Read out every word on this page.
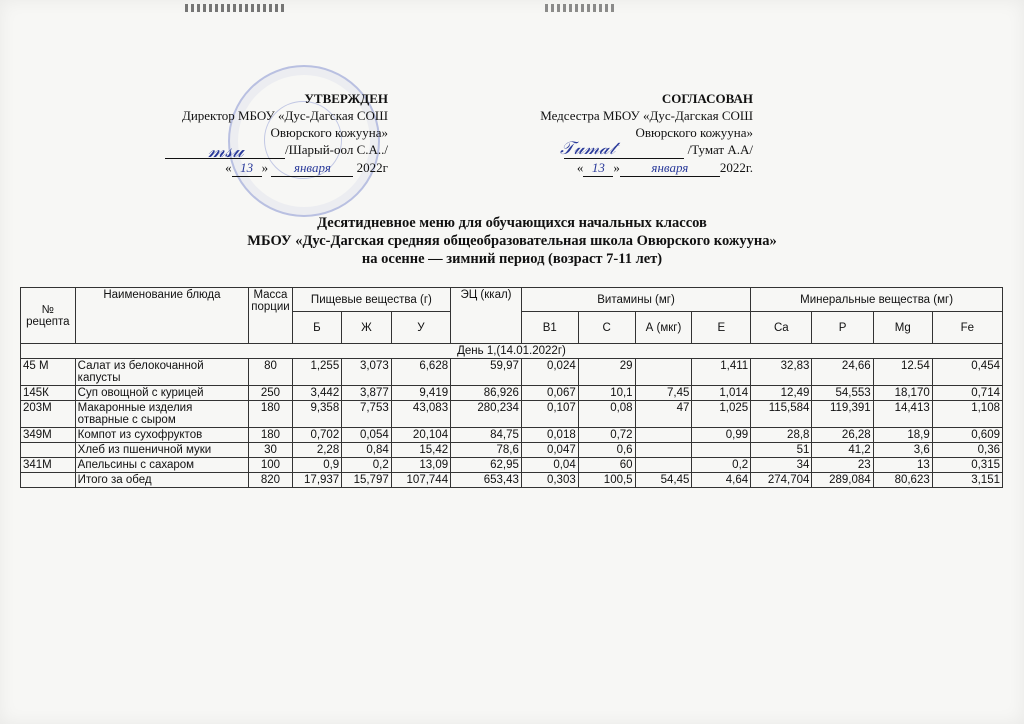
УТВЕРЖДЕН
Директор МБОУ «Дус-Дагская СОШ
Овюрского кожууна»
/Шарый-оол С.А../
« 13 » января 2022г
𝓂𝓈𝓊
СОГЛАСОВАН
Медсестра МБОУ «Дус-Дагская СОШ
Овюрского кожууна»
/Тумат А.А/
« 13 » января 2022г.
𝒯𝓊𝓂𝒶𝓉
Десятидневное меню для обучающихся начальных классов
МБОУ «Дус-Дагская средняя общеобразовательная школа Овюрского кожууна»
на осенне — зимний период (возраст 7-11 лет)
№ рецепта	Наименование блюда	Масса порции	Пищевые вещества (г)			ЭЦ (ккал)	Витамины (мг)				Минеральные вещества (мг)			
			Б	Ж	У		B1	C	А (мкг)	E	Ca	P	Mg	Fe
День 1,(14.01.2022г)														
45 М	Салат из белокочанной капусты	80	1,255	3,073	6,628	59,97	0,024	29		1,411	32,83	24,66	12.54	0,454
145К	Суп овощной с курицей	250	3,442	3,877	9,419	86,926	0,067	10,1	7,45	1,014	12,49	54,553	18,170	0,714
203М	Макаронные изделия отварные с сыром	180	9,358	7,753	43,083	280,234	0,107	0,08	47	1,025	115,584	119,391	14,413	1,108
349М	Компот из сухофруктов	180	0,702	0,054	20,104	84,75	0,018	0,72		0,99	28,8	26,28	18,9	0,609
	Хлеб из пшеничной муки	30	2,28	0,84	15,42	78,6	0,047	0,6			51	41,2	3,6	0,36
341М	Апельсины с сахаром	100	0,9	0,2	13,09	62,95	0,04	60		0,2	34	23	13	0,315
	Итого за обед	820	17,937	15,797	107,744	653,43	0,303	100,5	54,45	4,64	274,704	289,084	80,623	3,151
